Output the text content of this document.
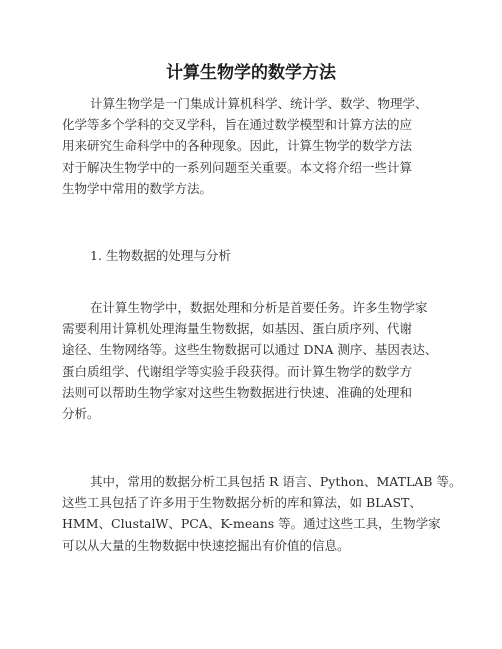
计算生物学的数学方法
计算生物学是一门集成计算机科学、统计学、数学、物理学、
化学等多个学科的交叉学科，旨在通过数学模型和计算方法的应
用来研究生命科学中的各种现象。因此，计算生物学的数学方法
对于解决生物学中的一系列问题至关重要。本文将介绍一些计算
生物学中常用的数学方法。
1. 生物数据的处理与分析
在计算生物学中，数据处理和分析是首要任务。许多生物学家
需要利用计算机处理海量生物数据，如基因、蛋白质序列、代谢
途径、生物网络等。这些生物数据可以通过 DNA 测序、基因表达、
蛋白质组学、代谢组学等实验手段获得。而计算生物学的数学方
法则可以帮助生物学家对这些生物数据进行快速、准确的处理和
分析。
其中，常用的数据分析工具包括 R 语言、Python、MATLAB 等。
这些工具包括了许多用于生物数据分析的库和算法，如 BLAST、
HMM、ClustalW、PCA、K-means 等。通过这些工具，生物学家
可以从大量的生物数据中快速挖掘出有价值的信息。
